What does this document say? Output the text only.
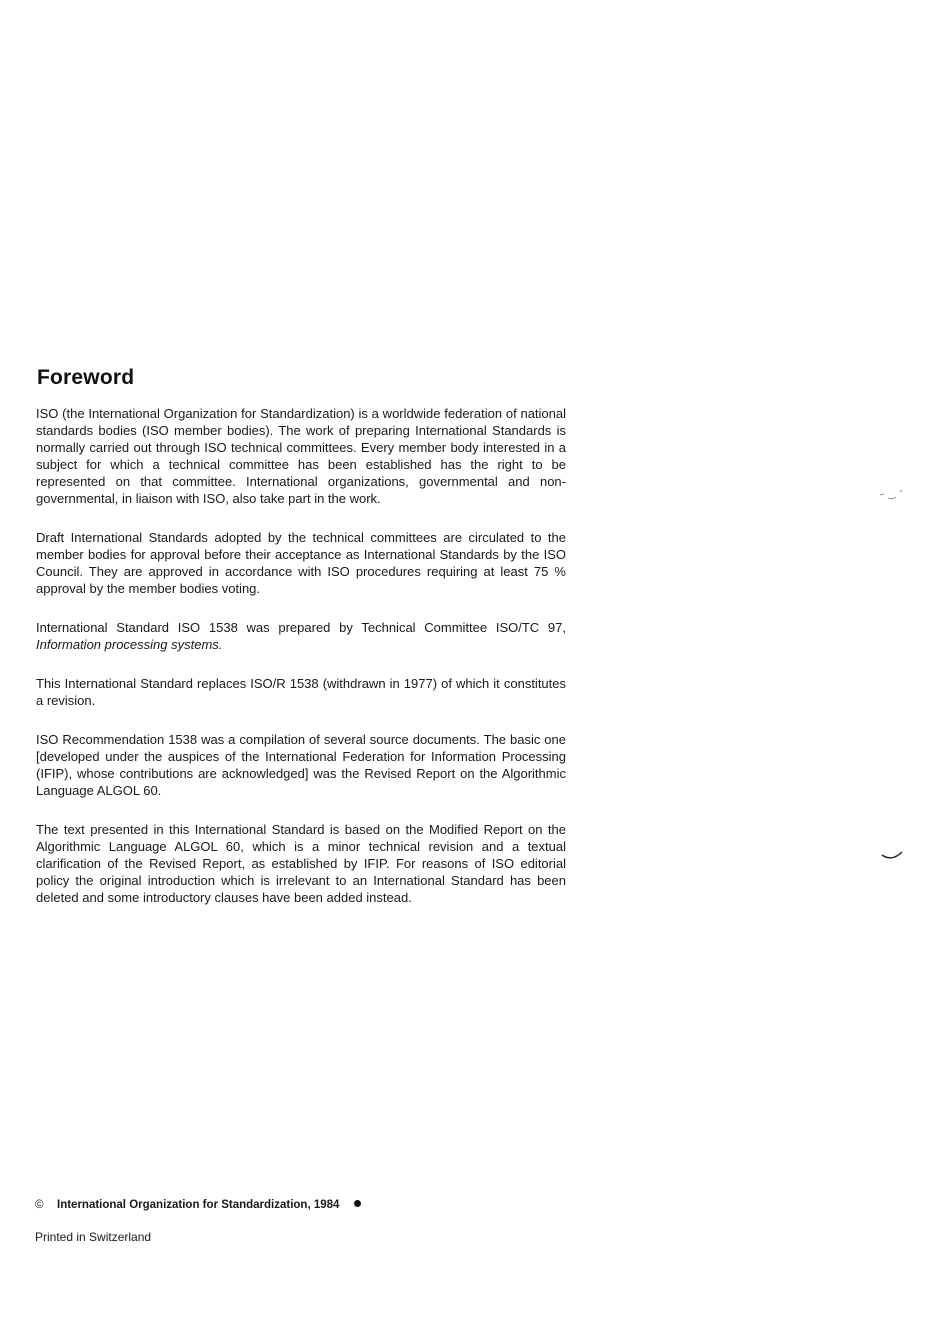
Foreword

ISO (the International Organization for Standardization) is a worldwide federation of national standards bodies (ISO member bodies). The work of preparing International Standards is normally carried out through ISO technical committees. Every member body interested in a subject for which a technical committee has been established has the right to be represented on that committee. International organizations, governmental and non-governmental, in liaison with ISO, also take part in the work.

Draft International Standards adopted by the technical committees are circulated to the member bodies for approval before their acceptance as International Standards by the ISO Council. They are approved in accordance with ISO procedures requiring at least 75 % approval by the member bodies voting.

International Standard ISO 1538 was prepared by Technical Committee ISO/TC 97, Information processing systems.

This International Standard replaces ISO/R 1538 (withdrawn in 1977) of which it constitutes a revision.

ISO Recommendation 1538 was a compilation of several source documents. The basic one [developed under the auspices of the International Federation for Information Processing (IFIP), whose contributions are acknowledged] was the Revised Report on the Algorithmic Language ALGOL 60.

The text presented in this International Standard is based on the Modified Report on the Algorithmic Language ALGOL 60, which is a minor technical revision and a textual clarification of the Revised Report, as established by IFIP. For reasons of ISO editorial policy the original introduction which is irrelevant to an International Standard has been deleted and some introductory clauses have been added instead.

© International Organization for Standardization, 1984
Printed in Switzerland
